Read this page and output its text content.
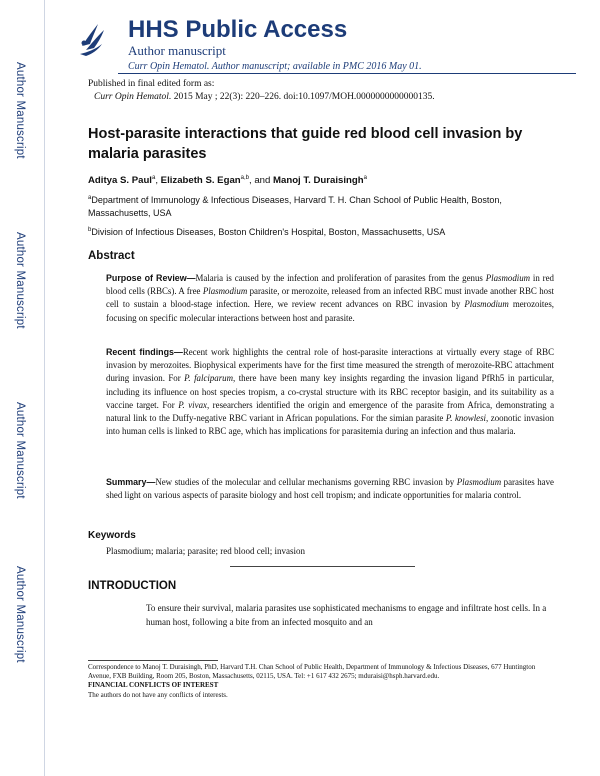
Author Manuscript
Author Manuscript
Author Manuscript
Author Manuscript
HHS Public Access
Author manuscript
Curr Opin Hematol. Author manuscript; available in PMC 2016 May 01.
Published in final edited form as:
Curr Opin Hematol. 2015 May ; 22(3): 220–226. doi:10.1097/MOH.0000000000000135.
Host-parasite interactions that guide red blood cell invasion by malaria parasites
Aditya S. Paul$^a$, Elizabeth S. Egan$^{a,b}$, and Manoj T. Duraisingh$^a$
$^a$Department of Immunology & Infectious Diseases, Harvard T. H. Chan School of Public Health, Boston, Massachusetts, USA
$^b$Division of Infectious Diseases, Boston Children's Hospital, Boston, Massachusetts, USA
Abstract
Purpose of Review—Malaria is caused by the infection and proliferation of parasites from the genus Plasmodium in red blood cells (RBCs). A free Plasmodium parasite, or merozoite, released from an infected RBC must invade another RBC host cell to sustain a blood-stage infection. Here, we review recent advances on RBC invasion by Plasmodium merozoites, focusing on specific molecular interactions between host and parasite.
Recent findings—Recent work highlights the central role of host-parasite interactions at virtually every stage of RBC invasion by merozoites. Biophysical experiments have for the first time measured the strength of merozoite-RBC attachment during invasion. For P. falciparum, there have been many key insights regarding the invasion ligand PfRh5 in particular, including its influence on host species tropism, a co-crystal structure with its RBC receptor basigin, and its suitability as a vaccine target. For P. vivax, researchers identified the origin and emergence of the parasite from Africa, demonstrating a natural link to the Duffy-negative RBC variant in African populations. For the simian parasite P. knowlesi, zoonotic invasion into human cells is linked to RBC age, which has implications for parasitemia during an infection and thus malaria.
Summary—New studies of the molecular and cellular mechanisms governing RBC invasion by Plasmodium parasites have shed light on various aspects of parasite biology and host cell tropism; and indicate opportunities for malaria control.
Keywords
Plasmodium; malaria; parasite; red blood cell; invasion
INTRODUCTION
To ensure their survival, malaria parasites use sophisticated mechanisms to engage and infiltrate host cells. In a human host, following a bite from an infected mosquito and an
Correspondence to Manoj T. Duraisingh, PhD, Harvard T.H. Chan School of Public Health, Department of Immunology & Infectious Diseases, 677 Huntington Avenue, FXB Building, Room 205, Boston, Massachusetts, 02115, USA. Tel: +1 617 432 2675; mduraisi@hsph.harvard.edu.
FINANCIAL CONFLICTS OF INTEREST
The authors do not have any conflicts of interests.
